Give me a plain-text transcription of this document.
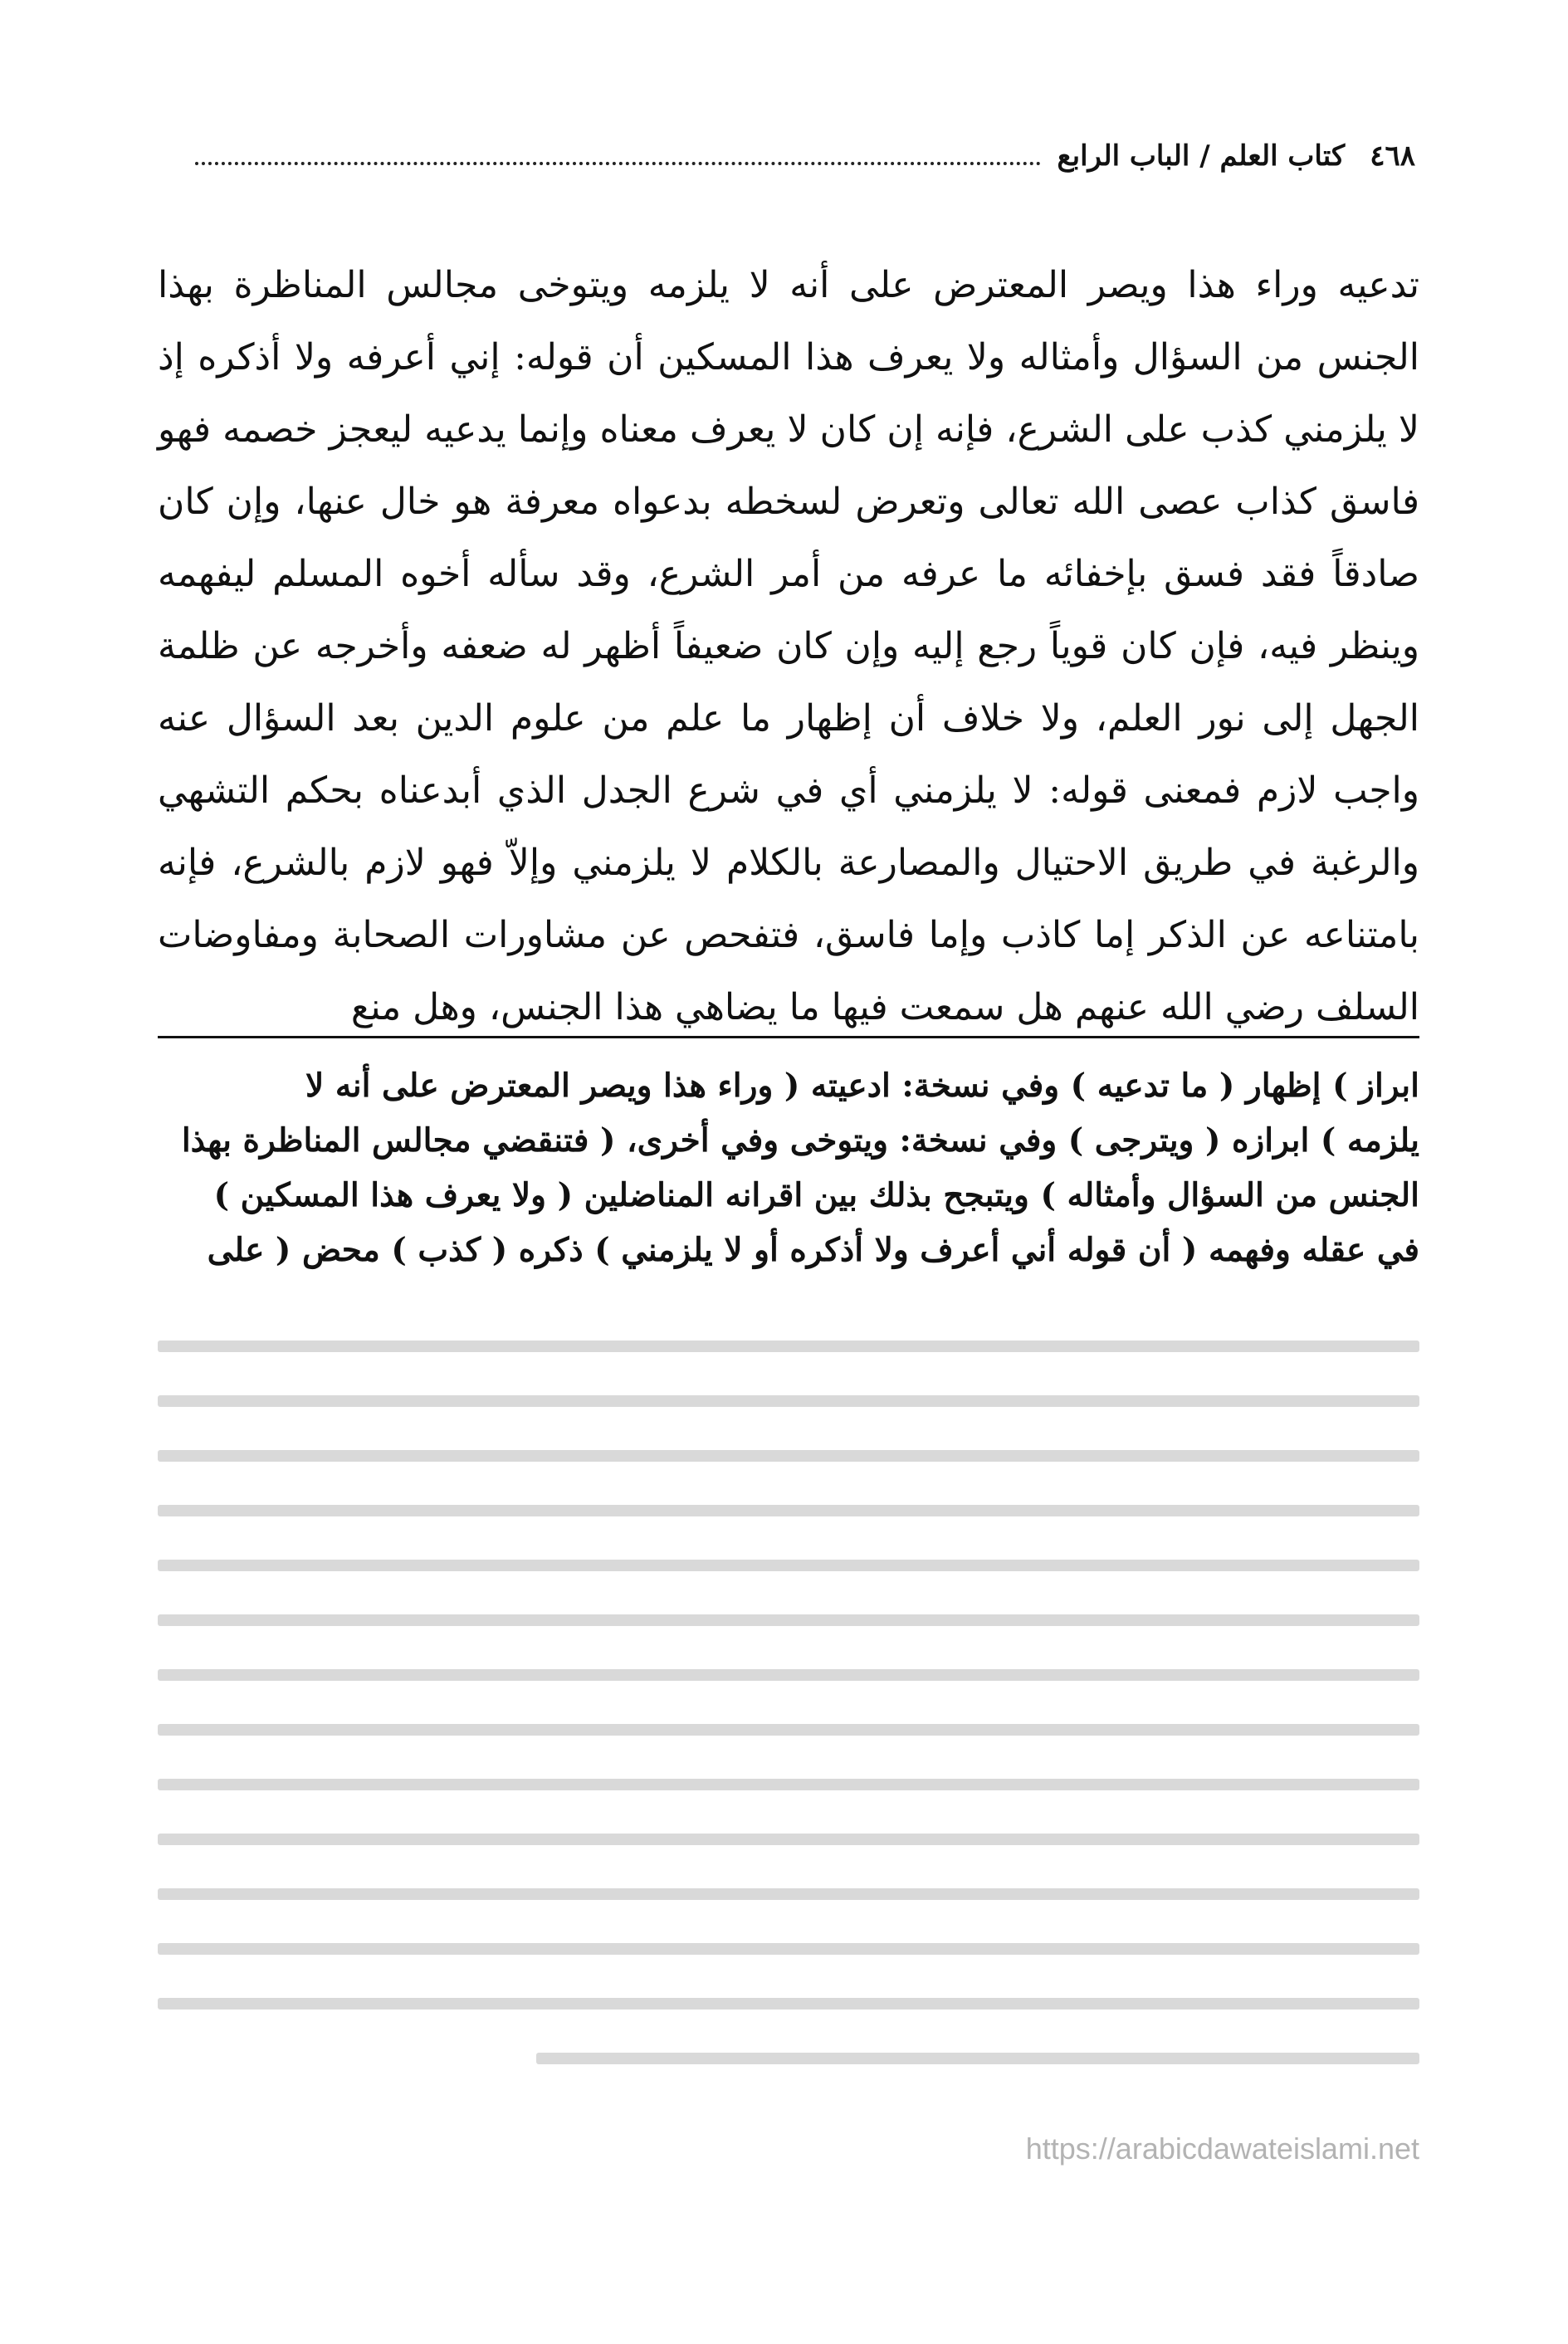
٤٦٨
كتاب العلم / الباب الرابع

تدعيه وراء هذا ويصر المعترض على أنه لا يلزمه ويتوخى مجالس المناظرة بهذا الجنس من السؤال وأمثاله ولا يعرف هذا المسكين أن قوله: إني أعرفه ولا أذكره إذ لا يلزمني كذب على الشرع، فإنه إن كان لا يعرف معناه وإنما يدعيه ليعجز خصمه فهو فاسق كذاب عصى الله تعالى وتعرض لسخطه بدعواه معرفة هو خال عنها، وإن كان صادقاً فقد فسق بإخفائه ما عرفه من أمر الشرع، وقد سأله أخوه المسلم ليفهمه وينظر فيه، فإن كان قوياً رجع إليه وإن كان ضعيفاً أظهر له ضعفه وأخرجه عن ظلمة الجهل إلى نور العلم، ولا خلاف أن إظهار ما علم من علوم الدين بعد السؤال عنه واجب لازم فمعنى قوله: لا يلزمني أي في شرع الجدل الذي أبدعناه بحكم التشهي والرغبة في طريق الاحتيال والمصارعة بالكلام لا يلزمني وإلاّ فهو لازم بالشرع، فإنه بامتناعه عن الذكر إما كاذب وإما فاسق، فتفحص عن مشاورات الصحابة ومفاوضات السلف رضي الله عنهم هل سمعت فيها ما يضاهي هذا الجنس، وهل منع

ابراز ) إظهار ( ما تدعيه ) وفي نسخة: ادعيته ( وراء هذا ويصر المعترض على أنه لا

يلزمه ) ابرازه ( ويترجى ) وفي نسخة: ويتوخى وفي أخرى، ( فتنقضي مجالس المناظرة بهذا

الجنس من السؤال وأمثاله ) ويتبجح بذلك بين اقرانه المناضلين ( ولا يعرف هذا المسكين )

في عقله وفهمه ( أن قوله أني أعرف ولا أذكره أو لا يلزمني ) ذكره ( كذب ) محض ( على

https://arabicdawateislami.net
